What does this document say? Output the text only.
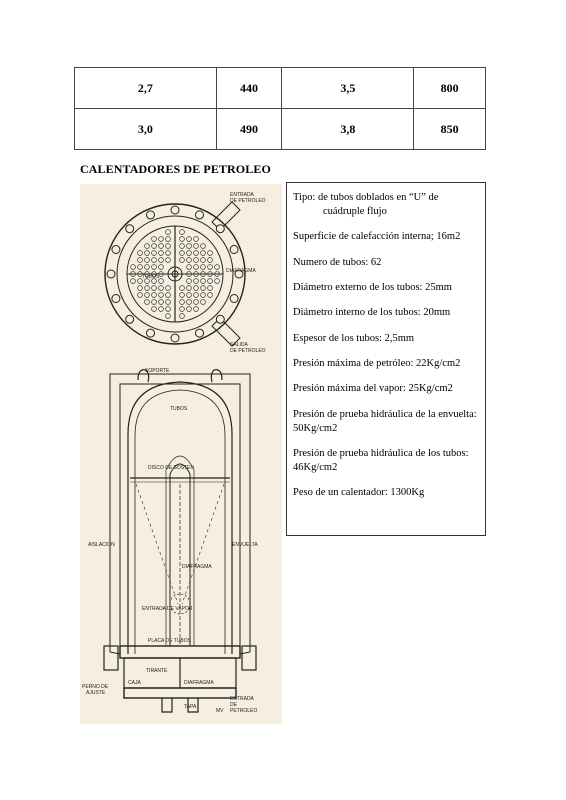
2,7	440	3,5	800
3,0	490	3,8	850
CALENTADORES DE PETROLEO
ENTRADA
DE PETROLEO
TUBOS
DIAFRAGMA
SALIDA
DE PETROLEO
SOPORTE
TUBOS
DISCO DE SOSTEN
AISLACION	ENVUELTA
DIAFRAGMA
ENTRADA DE VAPOR
PLACA DE TUBOS
TIRANTE
CAJA
PERNO DE
AJUSTE
DIAFRAGMA
TAPA
ENTRADA
DE
PETROLEO
MV

Tipo: de tubos doblados en “U” de
cuádruple flujo

Superficie de calefacción interna; 16m2

Numero de tubos: 62

Diámetro externo de los tubos: 25mm

Diámetro interno de los tubos: 20mm

Espesor de los tubos: 2,5mm

Presión máxima de petróleo: 22Kg/cm2

Presión máxima del vapor: 25Kg/cm2

Presión de prueba hidráulica de la envuelta: 50Kg/cm2

Presión de prueba hidráulica de los tubos: 46Kg/cm2

Peso de un calentador: 1300Kg
